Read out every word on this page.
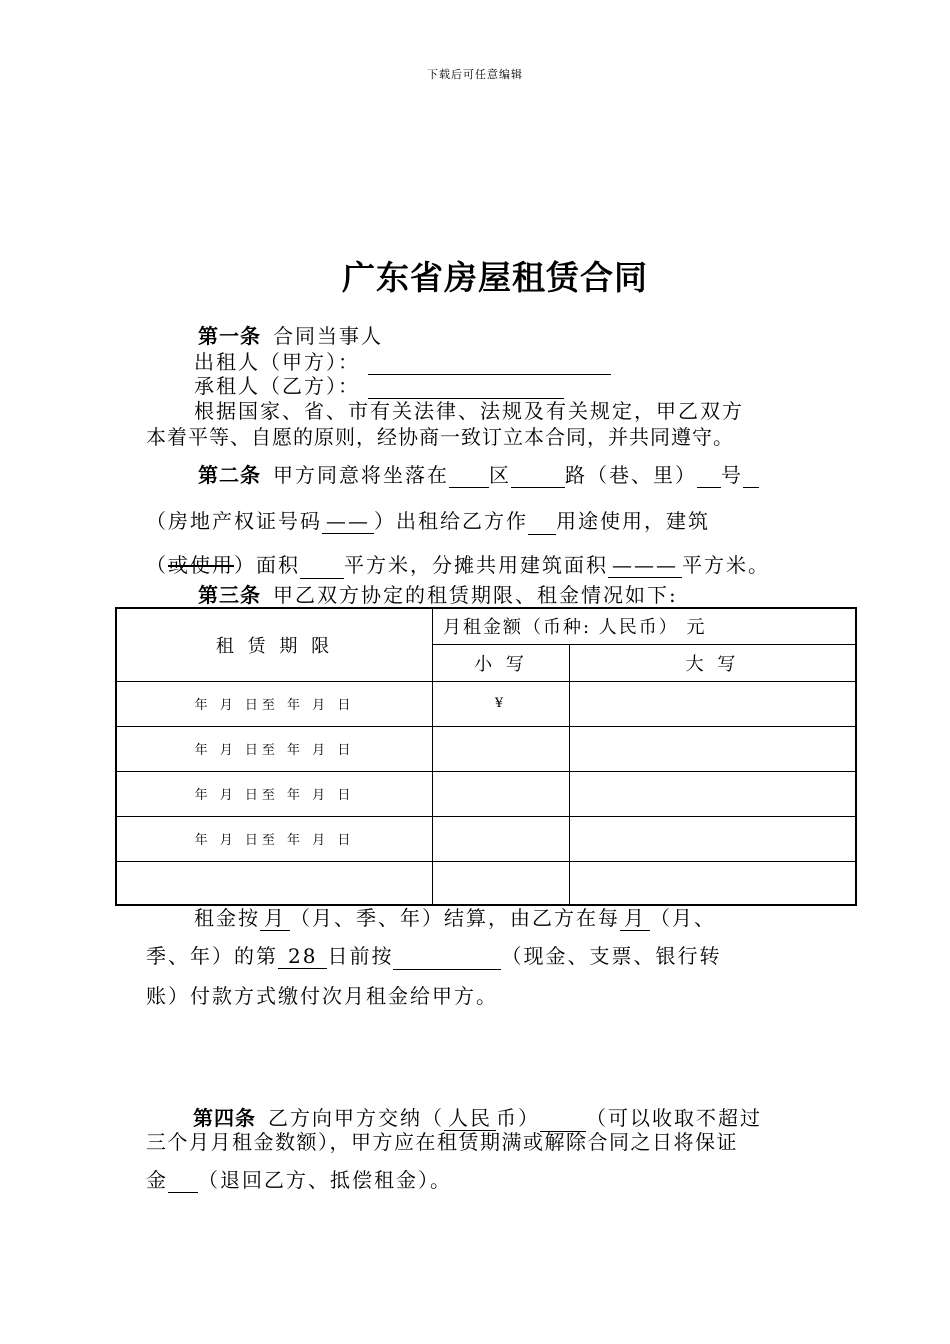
下载后可任意编辑
广东省房屋租赁合同
第一条 合同当事人
出租人（甲方）：
承租人（乙方）：
根据国家、省、市有关法律、法规及有关规定，甲乙双方
本着平等、自愿的原则，经协商一致订立本合同，并共同遵守。
第二条 甲方同意将坐落在 区	路（巷、里） 号
（房地产权证号码 —— ）出租给乙方作 用途使用，建筑
（或使用）面积 平方米，分摊共用建筑面积 ——— 平方米。
第三条 甲乙双方协定的租赁期限、租金情况如下:
租 赁 期 限	月租金额（币种: 人民币） 元	
	小 写	大 写
年 月 日至 年 月 日	¥	
年 月 日至 年 月 日		
年 月 日至 年 月 日		
年 月 日至 年 月 日		

租金按 月 （月、季、年）结算，由乙方在每 月 （月、
季、年）的第 28 日前按	（现金、支票、银行转
账）付款方式缴付次月租金给甲方。
第四条 乙方向甲方交纳（ 人民 币） （可以收取不超过
三个月月租金数额），甲方应在租赁期满或解除合同之日将保证
金 （退回乙方、抵偿租金）。
